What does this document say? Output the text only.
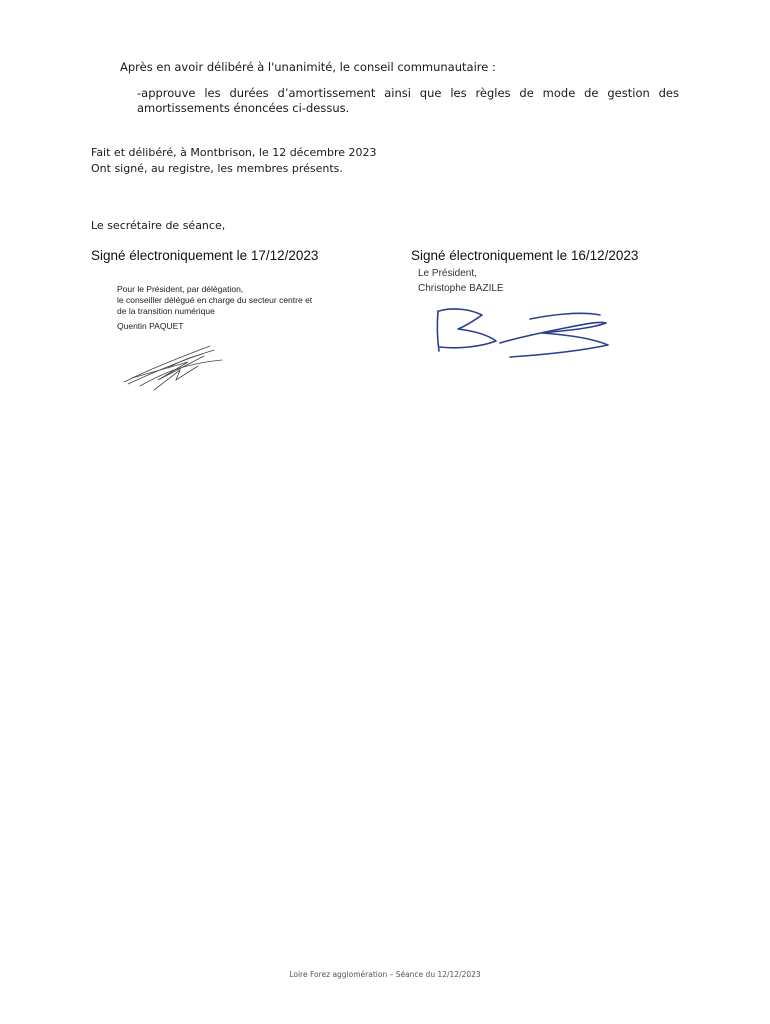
Après en avoir délibéré à l'unanimité, le conseil communautaire :
-approuve les durées d’amortissement ainsi que les règles de mode de gestion des amortissements énoncées ci-dessus.
Fait et délibéré, à Montbrison, le 12 décembre 2023
Ont signé, au registre, les membres présents.
Le secrétaire de séance,
Signé électroniquement le 17/12/2023	Signé électroniquement le 16/12/2023
Pour le Président, par délégation,
le conseiller délégué en charge du secteur centre et
de la transition numérique
Quentin PAQUET
Le Président,
Christophe BAZILE
Loire Forez agglomération – Séance du 12/12/2023
